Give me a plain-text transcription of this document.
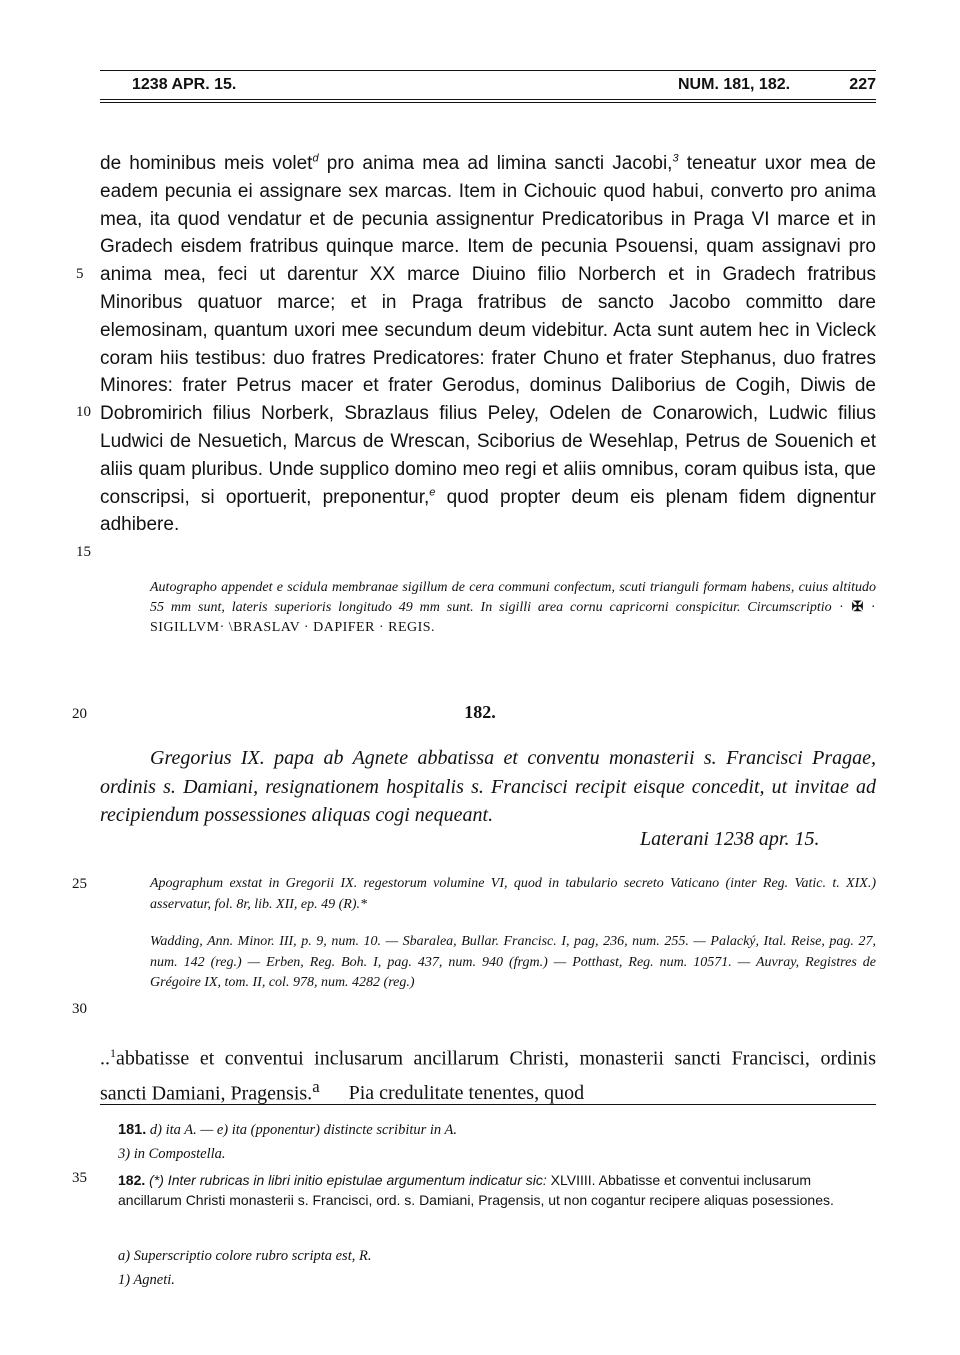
1238 APR. 15.	NUM. 181, 182.	227

de hominibus meis volet$^d$ pro anima mea ad limina sancti Jacobi,$^3$ teneatur uxor mea de eadem pecunia ei assignare sex marcas. Item in Cichouic quod habui, converto pro anima mea, ita quod vendatur et de pecunia assignentur Predicatoribus in Praga VI marce et in Gradech eisdem fratribus quinque marce. Item de pecunia Psouensi, quam assignavi pro anima mea, feci ut darentur XX marce Diuino filio Norberch et in Gradech fratribus Minoribus quatuor marce; et in Praga fratribus de sancto Jacobo committo dare elemosinam, quantum uxori mee secundum deum videbitur. Acta sunt autem hec in Vicleck coram hiis testibus: duo fratres Predicatores: frater Chuno et frater Stephanus, duo fratres Minores: frater Petrus macer et frater Gerodus, dominus Daliborius de Cogih, Diwis de Dobromirich filius Norberk, Sbrazlaus filius Peley, Odelen de Conarowich, Ludwic filius Ludwici de Nesuetich, Marcus de Wrescan, Sciborius de Wesehlap, Petrus de Souenich et aliis quam pluribus. Unde supplico domino meo regi et aliis omnibus, coram quibus ista, que conscripsi, si oportuerit, preponentur,$^e$ quod propter deum eis plenam fidem dignentur adhibere.

5
10
15
20
25
30
35

Autographo appendet e scidula membranae sigillum de cera communi confectum, scuti trianguli formam habens, cuius altitudo 55 mm sunt, lateris superioris longitudo 49 mm sunt. In sigilli area cornu capricorni conspicitur. Circumscriptio · ✠ · SIGILLVM· \BRASLAV · DAPIFER · REGIS.

182.

Gregorius IX. papa ab Agnete abbatissa et conventu monasterii s. Francisci Pragae, ordinis s. Damiani, resignationem hospitalis s. Francisci recipit eisque concedit, ut invitae ad recipiendum possessiones aliquas cogi nequeant.

Laterani 1238 apr. 15.

Apographum exstat in Gregorii IX. regestorum volumine VI, quod in tabulario secreto Vaticano (inter Reg. Vatic. t. XIX.) asservatur, fol. 8r, lib. XII, ep. 49 (R).*

Wadding, Ann. Minor. III, p. 9, num. 10. — Sbaralea, Bullar. Francisc. I, pag, 236, num. 255. — Palacký, Ital. Reise, pag. 27, num. 142 (reg.) — Erben, Reg. Boh. I, pag. 437, num. 940 (frgm.) — Potthast, Reg. num. 10571. — Auvray, Registres de Grégoire IX, tom. II, col. 978, num. 4282 (reg.)

..$^1$abbatisse et conventui inclusarum ancillarum Christi, monasterii sancti Francisci, ordinis sancti Damiani, Pragensis.$^a$ Pia credulitate tenentes, quod

181. d) ita A. — e) ita (pponentur) distincte scribitur in A.

3) in Compostella.

182. (*) Inter rubricas in libri initio epistulae argumentum indicatur sic: XLVIIII. Abbatisse et conventui inclusarum ancillarum Christi monasterii s. Francisci, ord. s. Damiani, Pragensis, ut non cogantur recipere aliquas posessiones.

a) Superscriptio colore rubro scripta est, R.

1) Agneti.
